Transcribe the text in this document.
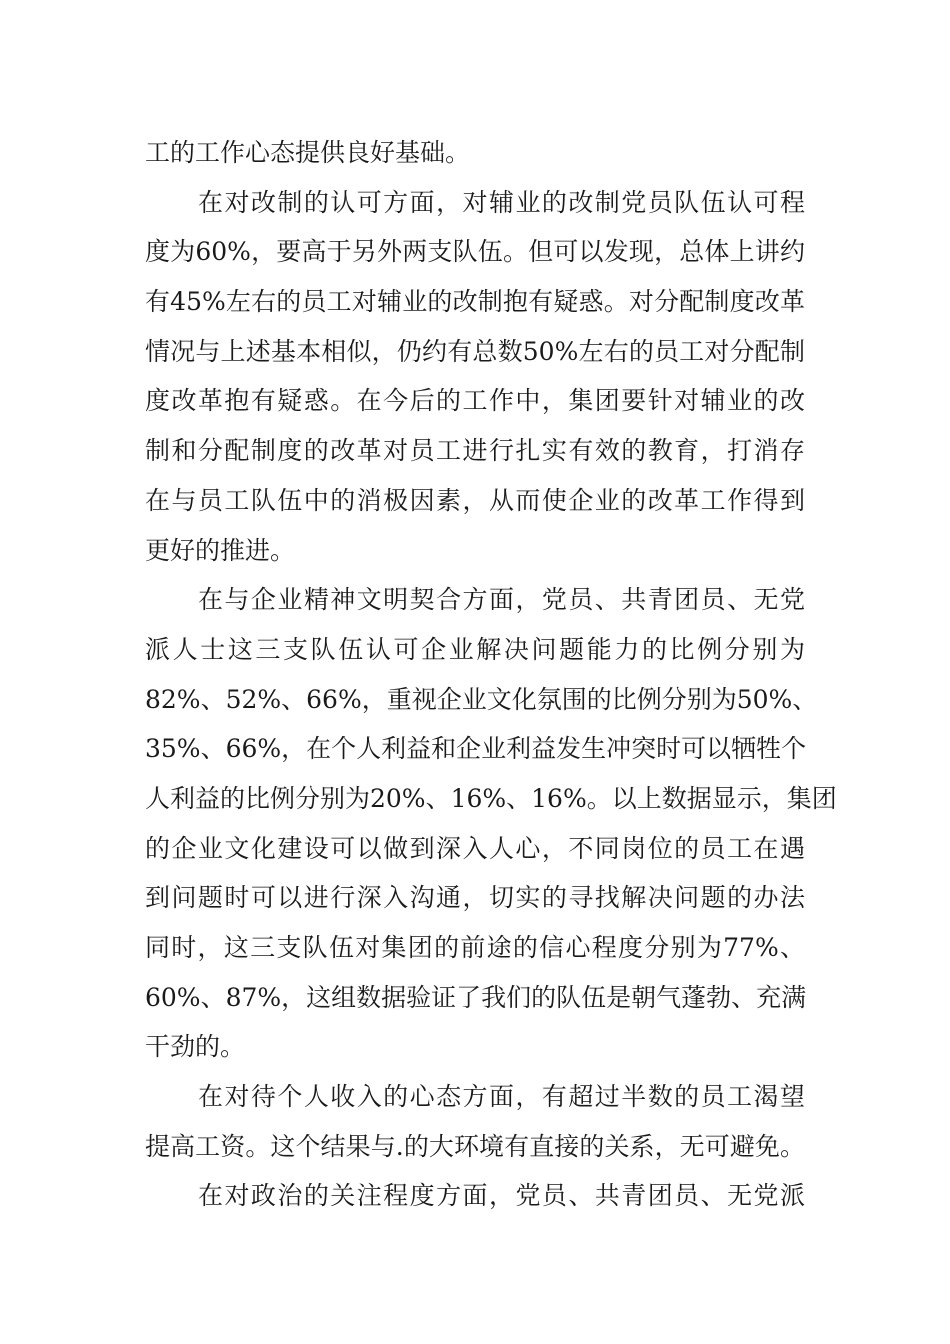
工的工作心态提供良好基础。
在对改制的认可方面，对辅业的改制党员队伍认可程
度为60%，要高于另外两支队伍。但可以发现，总体上讲约
有45%左右的员工对辅业的改制抱有疑惑。对分配制度改革
情况与上述基本相似，仍约有总数50%左右的员工对分配制
度改革抱有疑惑。在今后的工作中，集团要针对辅业的改
制和分配制度的改革对员工进行扎实有效的教育，打消存
在与员工队伍中的消极因素，从而使企业的改革工作得到
更好的推进。
在与企业精神文明契合方面，党员、共青团员、无党
派人士这三支队伍认可企业解决问题能力的比例分别为
82%、52%、66%，重视企业文化氛围的比例分别为50%、
35%、66%，在个人利益和企业利益发生冲突时可以牺牲个
人利益的比例分别为20%、16%、16%。以上数据显示，集团
的企业文化建设可以做到深入人心，不同岗位的员工在遇
到问题时可以进行深入沟通，切实的寻找解决问题的办法
同时，这三支队伍对集团的前途的信心程度分别为77%、
60%、87%，这组数据验证了我们的队伍是朝气蓬勃、充满
干劲的。
在对待个人收入的心态方面，有超过半数的员工渴望
提高工资。这个结果与.的大环境有直接的关系，无可避免。
在对政治的关注程度方面，党员、共青团员、无党派
